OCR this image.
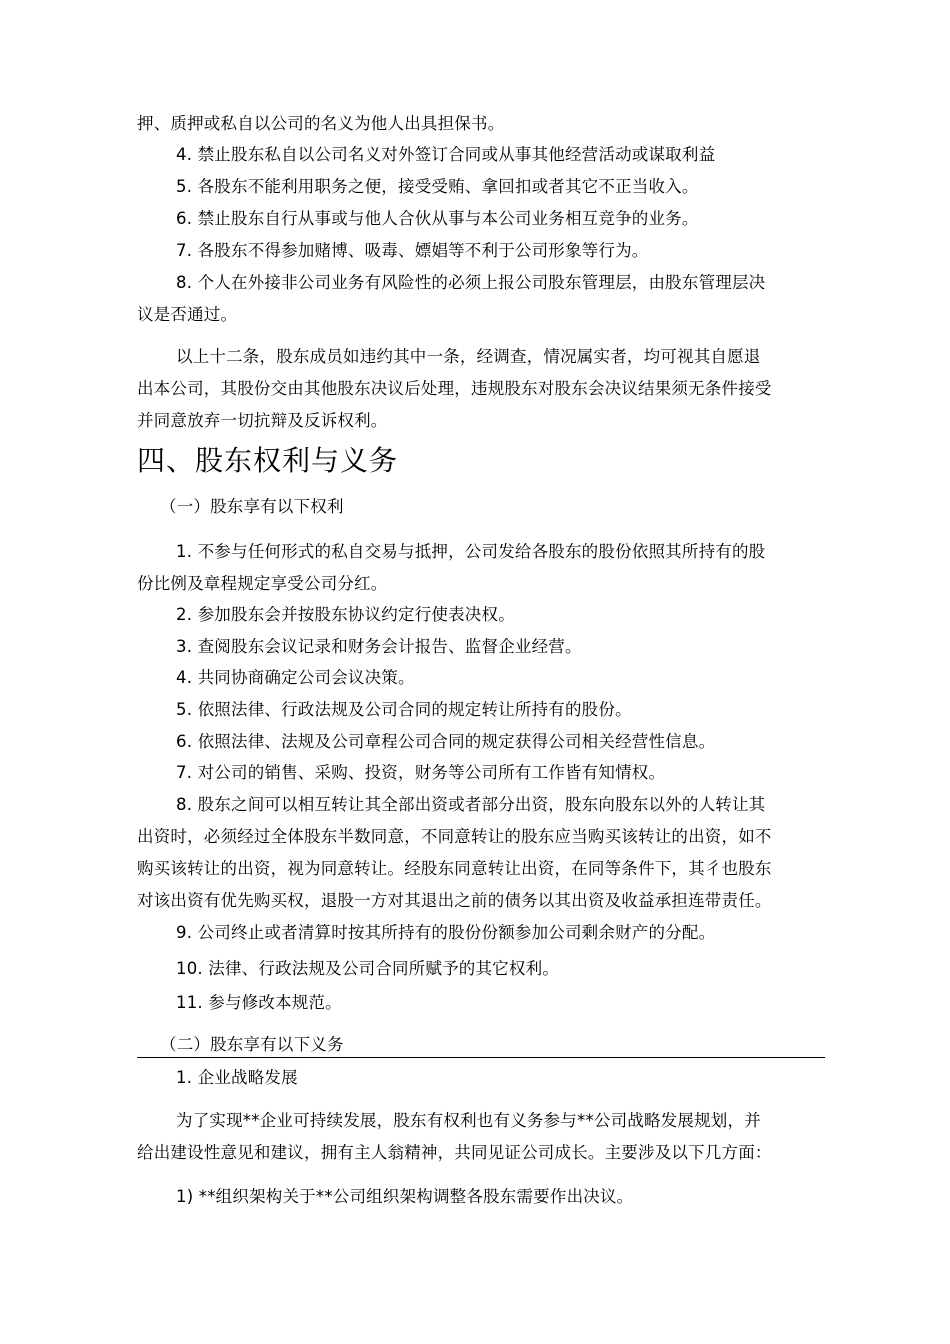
押、质押或私自以公司的名义为他人出具担保书。
4. 禁止股东私自以公司名义对外签订合同或从事其他经营活动或谋取利益
5. 各股东不能利用职务之便，接受受贿、拿回扣或者其它不正当收入。
6. 禁止股东自行从事或与他人合伙从事与本公司业务相互竞争的业务。
7. 各股东不得参加赌博、吸毒、嫖娼等不利于公司形象等行为。
8. 个人在外接非公司业务有风险性的必须上报公司股东管理层，由股东管理层决
议是否通过。
以上十二条，股东成员如违约其中一条，经调查，情况属实者，均可视其自愿退
出本公司，其股份交由其他股东决议后处理，违规股东对股东会决议结果须无条件接受
并同意放弃一切抗辩及反诉权利。
四、股东权利与义务
（一）股东享有以下权利
1. 不参与任何形式的私自交易与抵押，公司发给各股东的股份依照其所持有的股
份比例及章程规定享受公司分红。
2. 参加股东会并按股东协议约定行使表决权。
3. 查阅股东会议记录和财务会计报告、监督企业经营。
4. 共同协商确定公司会议决策。
5. 依照法律、行政法规及公司合同的规定转让所持有的股份。
6. 依照法律、法规及公司章程公司合同的规定获得公司相关经营性信息。
7. 对公司的销售、采购、投资，财务等公司所有工作皆有知情权。
8. 股东之间可以相互转让其全部出资或者部分出资，股东向股东以外的人转让其
出资时，必须经过全体股东半数同意，不同意转让的股东应当购买该转让的出资，如不
购买该转让的出资，视为同意转让。经股东同意转让出资，在同等条件下，其彳也股东
对该出资有优先购买权，退股一方对其退出之前的债务以其出资及收益承担连带责任。
9. 公司终止或者清算时按其所持有的股份份额参加公司剩余财产的分配。
10. 法律、行政法规及公司合同所赋予的其它权利。
11. 参与修改本规范。
（二）股东享有以下义务
1. 企业战略发展
为了实现**企业可持续发展，股东有权利也有义务参与**公司战略发展规划，并
给出建设性意见和建议，拥有主人翁精神，共同见证公司成长。主要涉及以下几方面：
1) **组织架构关于**公司组织架构调整各股东需要作出决议。
